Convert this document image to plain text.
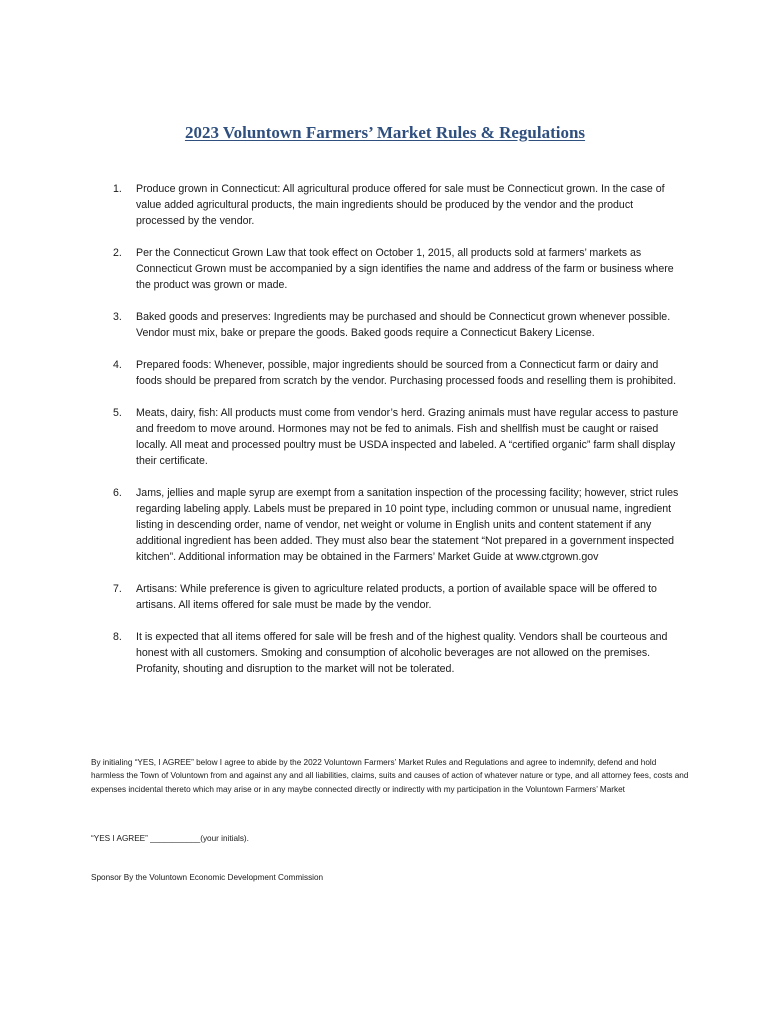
2023 Voluntown Farmers’ Market Rules & Regulations
1. Produce grown in Connecticut: All agricultural produce offered for sale must be Connecticut grown. In the case of value added agricultural products, the main ingredients should be produced by the vendor and the product processed by the vendor.
2. Per the Connecticut Grown Law that took effect on October 1, 2015, all products sold at farmers’ markets as Connecticut Grown must be accompanied by a sign identifies the name and address of the farm or business where the product was grown or made.
3. Baked goods and preserves: Ingredients may be purchased and should be Connecticut grown whenever possible. Vendor must mix, bake or prepare the goods. Baked goods require a Connecticut Bakery License.
4. Prepared foods: Whenever, possible, major ingredients should be sourced from a Connecticut farm or dairy and foods should be prepared from scratch by the vendor. Purchasing processed foods and reselling them is prohibited.
5. Meats, dairy, fish: All products must come from vendor’s herd. Grazing animals must have regular access to pasture and freedom to move around. Hormones may not be fed to animals. Fish and shellfish must be caught or raised locally. All meat and processed poultry must be USDA inspected and labeled. A “certified organic” farm shall display their certificate.
6. Jams, jellies and maple syrup are exempt from a sanitation inspection of the processing facility; however, strict rules regarding labeling apply. Labels must be prepared in 10 point type, including common or unusual name, ingredient listing in descending order, name of vendor, net weight or volume in English units and content statement if any additional ingredient has been added. They must also bear the statement “Not prepared in a government inspected kitchen”. Additional information may be obtained in the Farmers’ Market Guide at www.ctgrown.gov
7. Artisans: While preference is given to agriculture related products, a portion of available space will be offered to artisans. All items offered for sale must be made by the vendor.
8. It is expected that all items offered for sale will be fresh and of the highest quality. Vendors shall be courteous and honest with all customers. Smoking and consumption of alcoholic beverages are not allowed on the premises. Profanity, shouting and disruption to the market will not be tolerated.
By initialing “YES, I AGREE” below I agree to abide by the 2022 Voluntown Farmers’ Market Rules and Regulations and agree to indemnify, defend and hold harmless the Town of Voluntown from and against any and all liabilities, claims, suits and causes of action of whatever nature or type, and all attorney fees, costs and expenses incidental thereto which may arise or in any maybe connected directly or indirectly with my participation in the Voluntown Farmers’ Market
“YES I AGREE” ___________(your initials).
Sponsor By the Voluntown Economic Development Commission
